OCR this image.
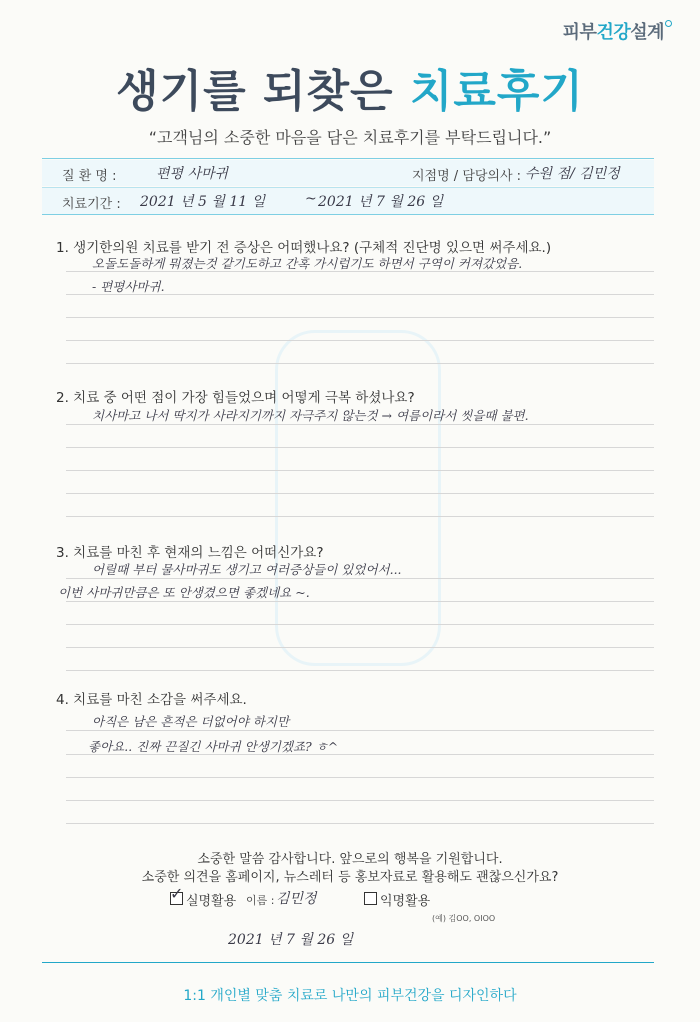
피부건강설계
생기를 되찾은 치료후기
“고객님의 소중한 마음을 담은 치료후기를 부탁드립니다.”
질 환 명 :	편평 사마귀	지점명 / 담당의사 : 수원 점/ 김민정
치료기간 : 2021 년 5 월 11 일	~ 2021 년 7 월 26 일
1. 생기한의원 치료를 받기 전 증상은 어떠했나요? (구체적 진단명 있으면 써주세요.)
오돌도돌하게 뭐졌는것 같기도하고 간혹 가시럽기도 하면서 구역이 커져갔었음.
- 편평사마귀.
2. 치료 중 어떤 점이 가장 힘들었으며 어떻게 극복 하셨나요?
치사마고 나서 딱지가 사라지기까지 자극주지 않는것 → 여름이라서 씻을때 불편.
3. 치료를 마친 후 현재의 느낌은 어떠신가요?
어릴때 부터 물사마귀도 생기고 여러증상들이 있었어서...
이번 사마귀만큼은 또 안생겼으면 좋겠네요 ~.
4. 치료를 마친 소감을 써주세요.
아직은 남은 흔적은 더없어야 하지만
좋아요.. 진짜 끈질긴 사마귀 안생기겠죠? ㅎ^
소중한 말씀 감사합니다. 앞으로의 행복을 기원합니다.
소중한 의견을 홈페이지, 뉴스레터 등 홍보자료로 활용해도 괜찮으신가요?
✓ 실명활용 이름 : 김민정	익명활용
(예) 김OO, OIOO
2021 년 7 월 26 일
1:1 개인별 맞춤 치료로 나만의 피부건강을 디자인하다
